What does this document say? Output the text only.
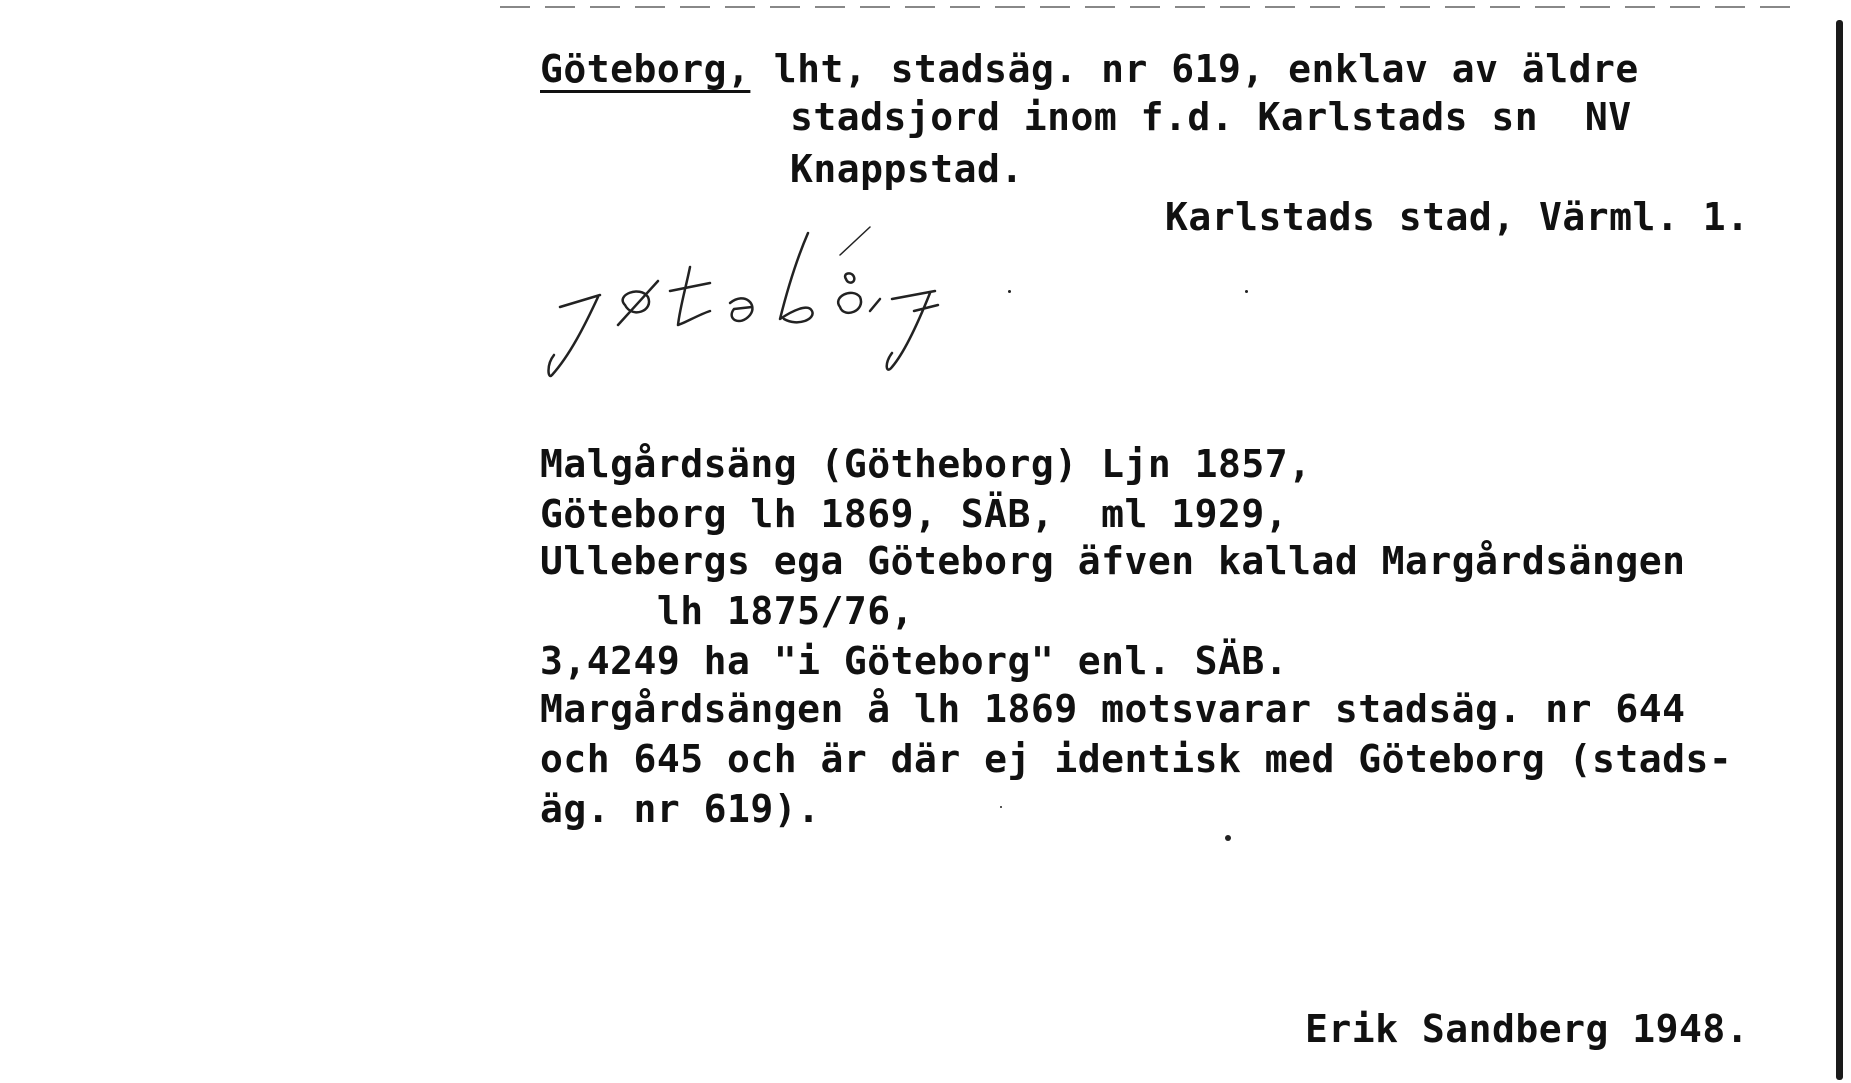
Göteborg, lht, stadsäg. nr 619, enklav av äldre
stadsjord inom f.d. Karlstads sn  NV
Knappstad.
Karlstads stad, Värml. 1.
Malgårdsäng (Götheborg) Ljn 1857,
Göteborg lh 1869, SÄB,  ml 1929,
Ullebergs ega Göteborg äfven kallad Margårdsängen
lh 1875/76,
3,4249 ha "i Göteborg" enl. SÄB.
Margårdsängen å lh 1869 motsvarar stadsäg. nr 644
och 645 och är där ej identisk med Göteborg (stads-
äg. nr 619).
Erik Sandberg 1948.
